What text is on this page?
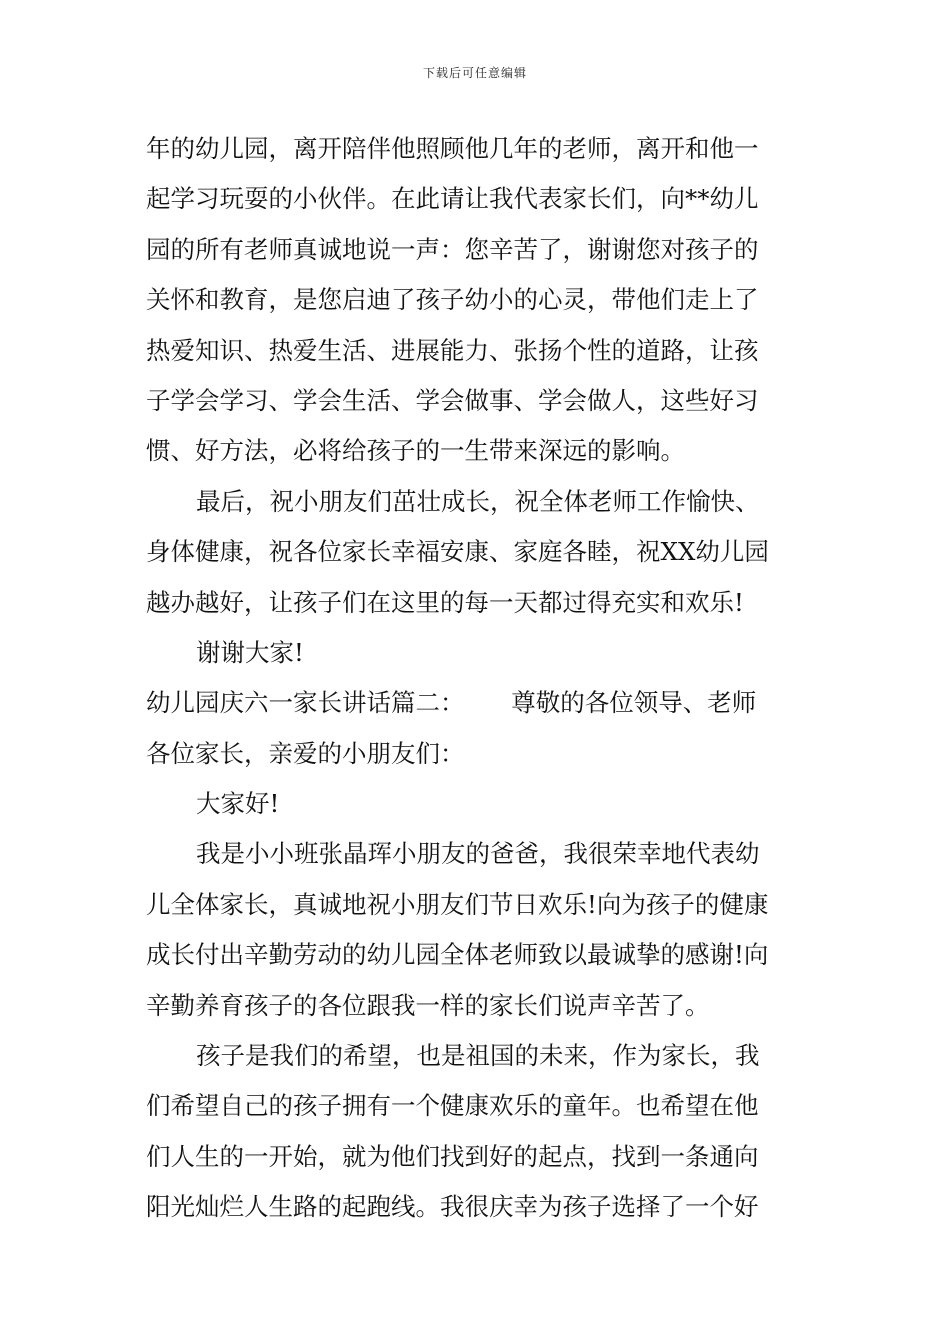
下载后可任意编辑
年的幼儿园，离开陪伴他照顾他几年的老师，离开和他一
起学习玩耍的小伙伴。在此请让我代表家长们，向**幼儿
园的所有老师真诚地说一声：您辛苦了，谢谢您对孩子的
关怀和教育，是您启迪了孩子幼小的心灵，带他们走上了
热爱知识、热爱生活、进展能力、张扬个性的道路，让孩
子学会学习、学会生活、学会做事、学会做人，这些好习
惯、好方法，必将给孩子的一生带来深远的影响。
最后，祝小朋友们茁壮成长，祝全体老师工作愉快、
身体健康，祝各位家长幸福安康、家庭各睦，祝XX幼儿园
越办越好，让孩子们在这里的每一天都过得充实和欢乐!
谢谢大家!
幼儿园庆六一家长讲话篇二：      尊敬的各位领导、老师
各位家长，亲爱的小朋友们：
大家好!
我是小小班张晶珲小朋友的爸爸，我很荣幸地代表幼
儿全体家长，真诚地祝小朋友们节日欢乐!向为孩子的健康
成长付出辛勤劳动的幼儿园全体老师致以最诚挚的感谢!向
辛勤养育孩子的各位跟我一样的家长们说声辛苦了。
孩子是我们的希望，也是祖国的未来，作为家长，我
们希望自己的孩子拥有一个健康欢乐的童年。也希望在他
们人生的一开始，就为他们找到好的起点，找到一条通向
阳光灿烂人生路的起跑线。我很庆幸为孩子选择了一个好
